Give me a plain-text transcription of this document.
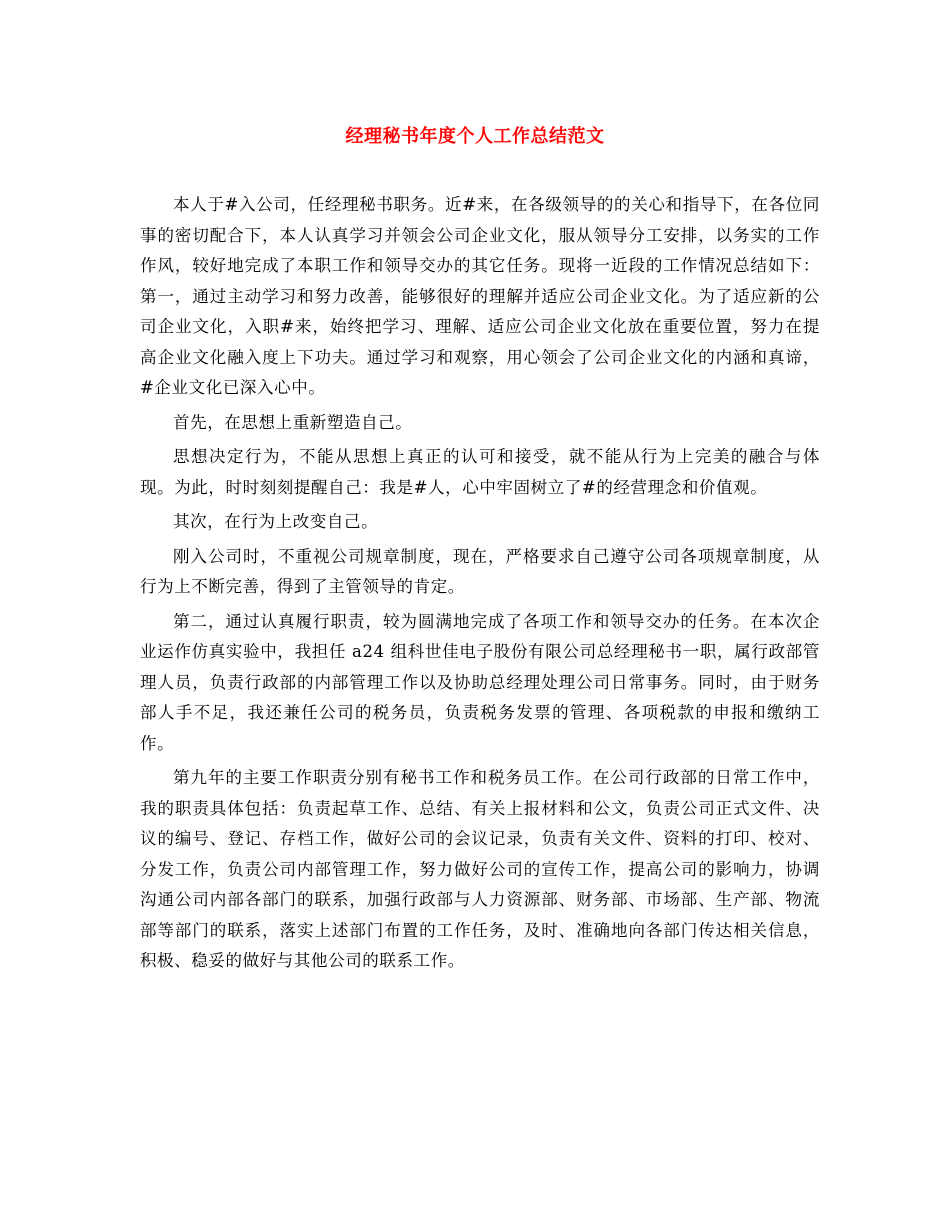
经理秘书年度个人工作总结范文

本人于#入公司，任经理秘书职务。近#来，在各级领导的的关心和指导下，在各位同事的密切配合下，本人认真学习并领会公司企业文化，服从领导分工安排，以务实的工作作风，较好地完成了本职工作和领导交办的其它任务。现将一近段的工作情况总结如下：第一，通过主动学习和努力改善，能够很好的理解并适应公司企业文化。为了适应新的公司企业文化，入职#来，始终把学习、理解、适应公司企业文化放在重要位置，努力在提高企业文化融入度上下功夫。通过学习和观察，用心领会了公司企业文化的内涵和真谛，#企业文化已深入心中。

首先，在思想上重新塑造自己。

思想决定行为，不能从思想上真正的认可和接受，就不能从行为上完美的融合与体现。为此，时时刻刻提醒自己：我是#人，心中牢固树立了#的经营理念和价值观。

其次，在行为上改变自己。

刚入公司时，不重视公司规章制度，现在，严格要求自己遵守公司各项规章制度，从行为上不断完善，得到了主管领导的肯定。

第二，通过认真履行职责，较为圆满地完成了各项工作和领导交办的任务。在本次企业运作仿真实验中，我担任 a24 组科世佳电子股份有限公司总经理秘书一职，属行政部管理人员，负责行政部的内部管理工作以及协助总经理处理公司日常事务。同时，由于财务部人手不足，我还兼任公司的税务员，负责税务发票的管理、各项税款的申报和缴纳工作。

第九年的主要工作职责分别有秘书工作和税务员工作。在公司行政部的日常工作中，我的职责具体包括：负责起草工作、总结、有关上报材料和公文，负责公司正式文件、决议的编号、登记、存档工作，做好公司的会议记录，负责有关文件、资料的打印、校对、分发工作，负责公司内部管理工作，努力做好公司的宣传工作，提高公司的影响力，协调沟通公司内部各部门的联系，加强行政部与人力资源部、财务部、市场部、生产部、物流部等部门的联系，落实上述部门布置的工作任务，及时、准确地向各部门传达相关信息，积极、稳妥的做好与其他公司的联系工作。
